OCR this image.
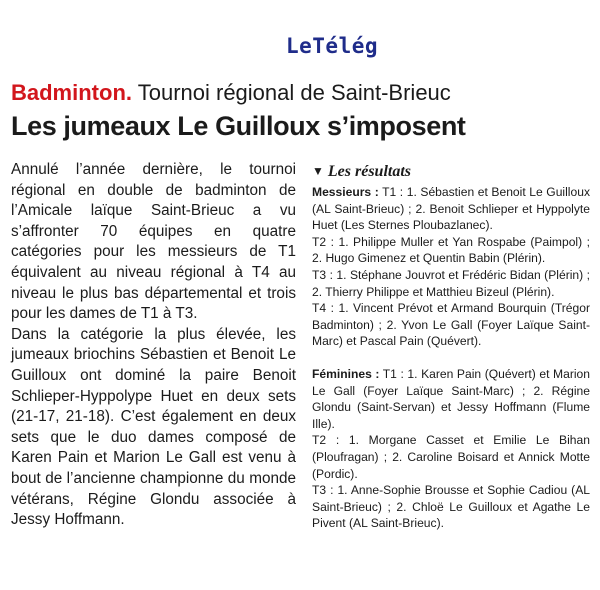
LeTélég
Badminton. Tournoi régional de Saint-Brieuc
Les jumeaux Le Guilloux s’imposent

Annulé l’année dernière, le tournoi régional en double de badminton de l’Amicale laïque Saint-Brieuc a vu s’affronter 70 équipes en quatre catégories pour les messieurs de T1 équivalent au niveau régional à T4 au niveau le plus bas départemental et trois pour les dames de T1 à T3.

Dans la catégorie la plus élevée, les jumeaux briochins Sébastien et Benoit Le Guilloux ont dominé la paire Benoit Schlieper-Hyppolype Huet en deux sets (21-17, 21-18). C’est également en deux sets que le duo dames composé de Karen Pain et Marion Le Gall est venu à bout de l’ancienne championne du monde vétérans, Régine Glondu associée à Jessy Hoffmann.

▼ Les résultats

Messieurs : T1 : 1. Sébastien et Benoit Le Guilloux (AL Saint-Brieuc) ; 2. Benoit Schlieper et Hyppolyte Huet (Les Sternes Ploubazlanec).

T2 : 1. Philippe Muller et Yan Rospabe (Paimpol) ; 2. Hugo Gimenez et Quentin Babin (Plérin).

T3 : 1. Stéphane Jouvrot et Frédéric Bidan (Plérin) ; 2. Thierry Philippe et Matthieu Bizeul (Plérin).

T4 : 1. Vincent Prévot et Armand Bourquin (Trégor Badminton) ; 2. Yvon Le Gall (Foyer Laïque Saint-Marc) et Pascal Pain (Quévert).

Féminines : T1 : 1. Karen Pain (Quévert) et Marion Le Gall (Foyer Laïque Saint-Marc) ; 2. Régine Glondu (Saint-Servan) et Jessy Hoffmann (Flume Ille).

T2 : 1. Morgane Casset et Emilie Le Bihan (Ploufragan) ; 2. Caroline Boisard et Annick Motte (Pordic).

T3 : 1. Anne-Sophie Brousse et Sophie Cadiou (AL Saint-Brieuc) ; 2. Chloë Le Guilloux et Agathe Le Pivent (AL Saint-Brieuc).
